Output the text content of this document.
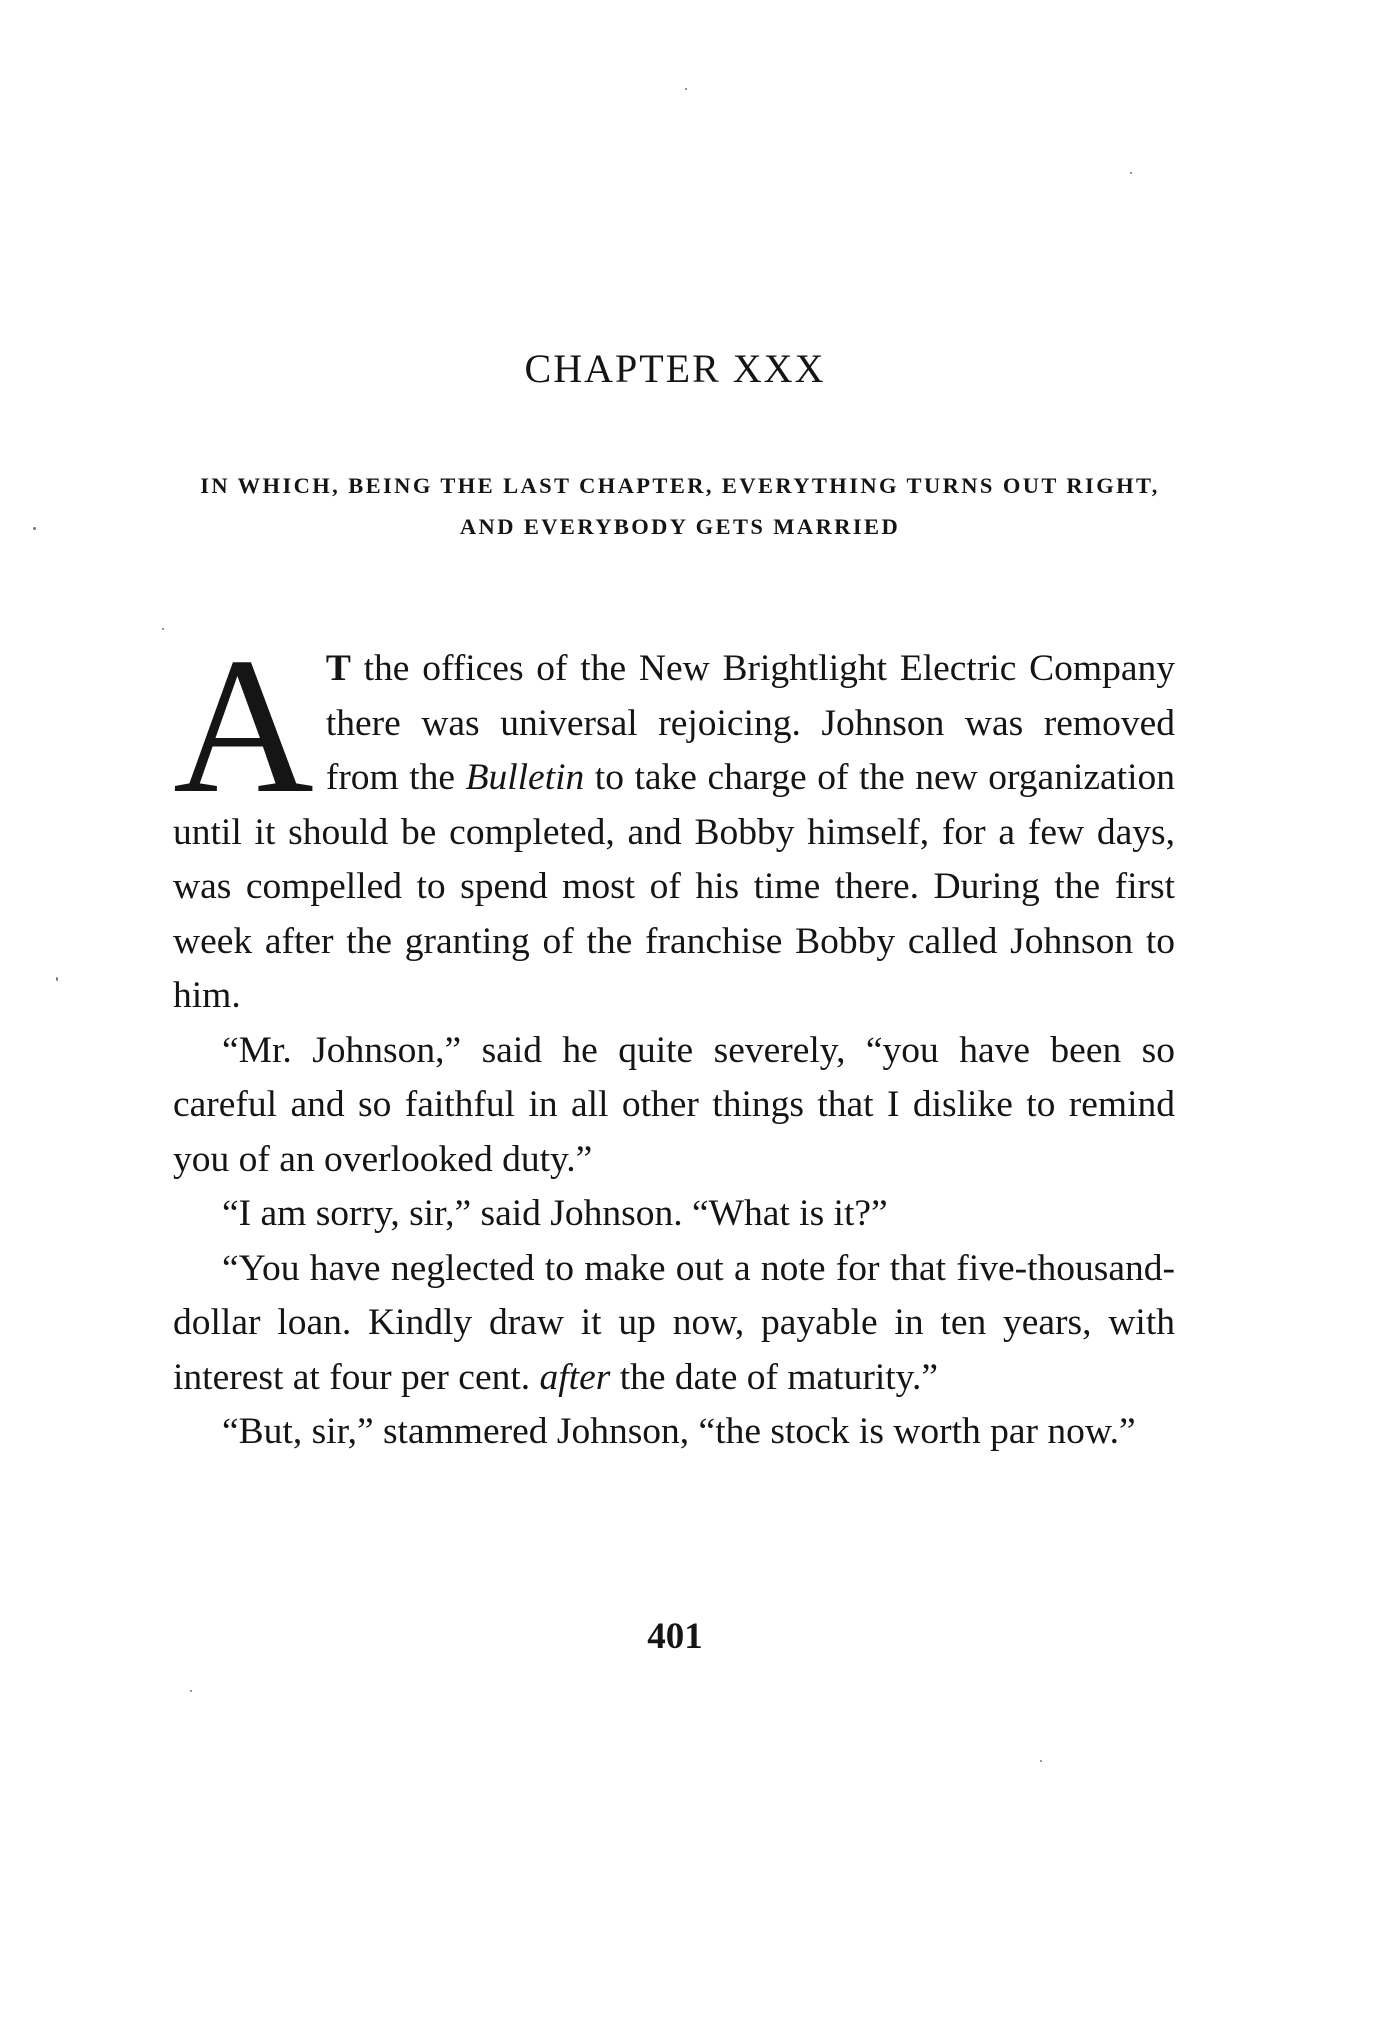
CHAPTER XXX

IN WHICH, BEING THE LAST CHAPTER, EVERYTHING TURNS OUT RIGHT, AND EVERYBODY GETS MARRIED

A T the offices of the New Brightlight Electric Company there was universal rejoicing. Johnson was removed from the Bulletin to take charge of the new organization until it should be completed, and Bobby himself, for a few days, was compelled to spend most of his time there. During the first week after the granting of the franchise Bobby called Johnson to him.

“Mr. Johnson,” said he quite severely, “you have been so careful and so faithful in all other things that I dislike to remind you of an overlooked duty.”

“I am sorry, sir,” said Johnson. “What is it?”

“You have neglected to make out a note for that five-thousand-dollar loan. Kindly draw it up now, payable in ten years, with interest at four per cent. after the date of maturity.”

“But, sir,” stammered Johnson, “the stock is worth par now.”

401
